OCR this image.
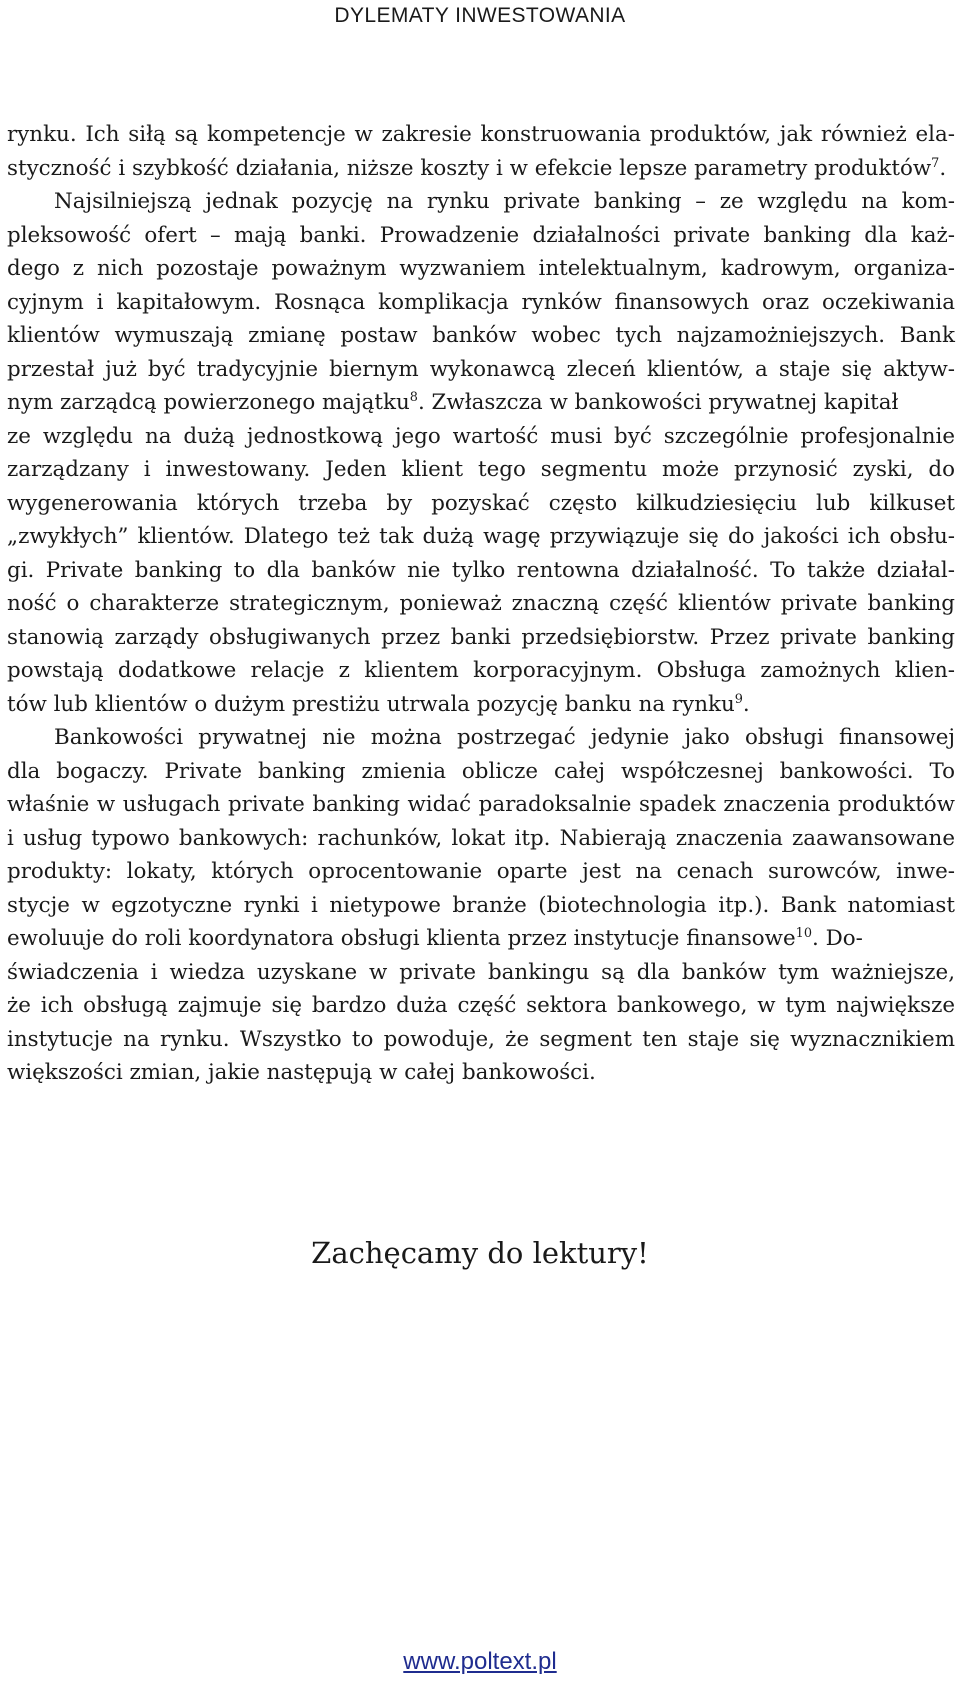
DYLEMATY INWESTOWANIA
rynku. Ich siłą są kompetencje w zakresie konstruowania produktów, jak również ela-
styczność i szybkość działania, niższe koszty i w efekcie lepsze parametry produktów$^7$.
Najsilniejszą jednak pozycję na rynku private banking – ze względu na kom-
pleksowość ofert – mają banki. Prowadzenie działalności private banking dla każ-
dego z nich pozostaje poważnym wyzwaniem intelektualnym, kadrowym, organiza-
cyjnym i kapitałowym. Rosnąca komplikacja rynków finansowych oraz oczekiwania
klientów wymuszają zmianę postaw banków wobec tych najzamożniejszych. Bank
przestał już być tradycyjnie biernym wykonawcą zleceń klientów, a staje się aktyw-
nym zarządcą powierzonego majątku$^8$. Zwłaszcza w bankowości prywatnej kapitał
ze względu na dużą jednostkową jego wartość musi być szczególnie profesjonalnie
zarządzany i inwestowany. Jeden klient tego segmentu może przynosić zyski, do
wygenerowania których trzeba by pozyskać często kilkudziesięciu lub kilkuset
„zwykłych” klientów. Dlatego też tak dużą wagę przywiązuje się do jakości ich obsłu-
gi. Private banking to dla banków nie tylko rentowna działalność. To także działal-
ność o charakterze strategicznym, ponieważ znaczną część klientów private banking
stanowią zarządy obsługiwanych przez banki przedsiębiorstw. Przez private banking
powstają dodatkowe relacje z klientem korporacyjnym. Obsługa zamożnych klien-
tów lub klientów o dużym prestiżu utrwala pozycję banku na rynku$^9$.
Bankowości prywatnej nie można postrzegać jedynie jako obsługi finansowej
dla bogaczy. Private banking zmienia oblicze całej współczesnej bankowości. To
właśnie w usługach private banking widać paradoksalnie spadek znaczenia produktów
i usług typowo bankowych: rachunków, lokat itp. Nabierają znaczenia zaawansowane
produkty: lokaty, których oprocentowanie oparte jest na cenach surowców, inwe-
stycje w egzotyczne rynki i nietypowe branże (biotechnologia itp.). Bank natomiast
ewoluuje do roli koordynatora obsługi klienta przez instytucje finansowe$^{10}$. Do-
świadczenia i wiedza uzyskane w private bankingu są dla banków tym ważniejsze,
że ich obsługą zajmuje się bardzo duża część sektora bankowego, w tym największe
instytucje na rynku. Wszystko to powoduje, że segment ten staje się wyznacznikiem
większości zmian, jakie następują w całej bankowości.
Zachęcamy do lektury!
www.poltext.pl
